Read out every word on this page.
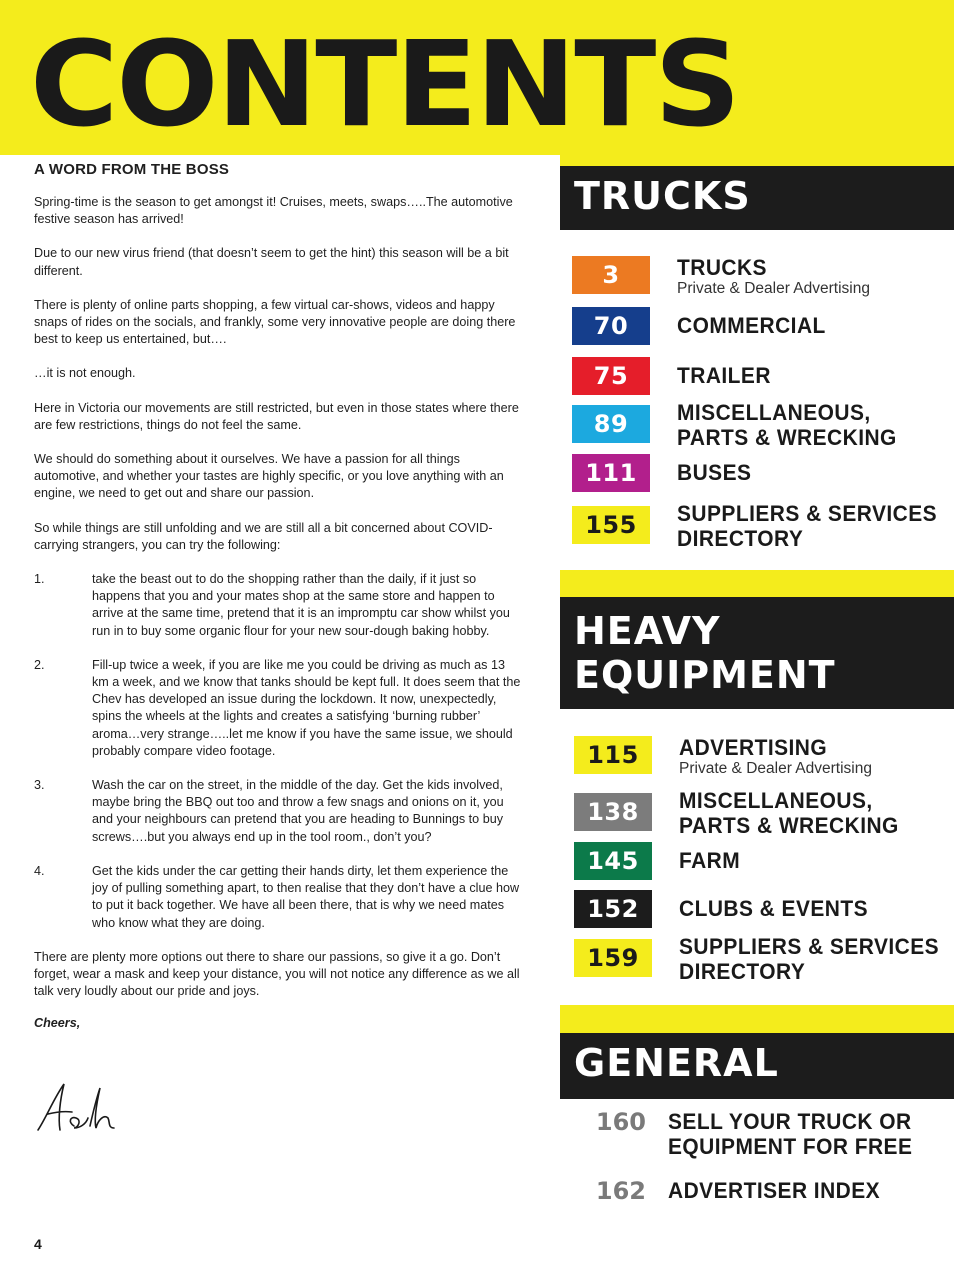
CONTENTS
A WORD FROM THE BOSS

Spring-time is the season to get amongst it! Cruises, meets, swaps…..The automotive festive season has arrived!

Due to our new virus friend (that doesn’t seem to get the hint) this season will be a bit different.

There is plenty of online parts shopping, a few virtual car-shows, videos and happy snaps of rides on the socials, and frankly, some very innovative people are doing there best to keep us entertained, but….

…it is not enough.

Here in Victoria our movements are still restricted, but even in those states where there are few restrictions, things do not feel the same.

We should do something about it ourselves. We have a passion for all things automotive, and whether your tastes are highly specific, or you love anything with an engine, we need to get out and share our passion.

So while things are still unfolding and we are still all a bit concerned about COVID-carrying strangers, you can try the following:

1.	take the beast out to do the shopping rather than the daily, if it just so happens that you and your mates shop at the same store and happen to arrive at the same time, pretend that it is an impromptu car show whilst you run in to buy some organic flour for your new sour-dough baking hobby.
2.	Fill-up twice a week, if you are like me you could be driving as much as 13 km a week, and we know that tanks should be kept full. It does seem that the Chev has developed an issue during the lockdown. It now, unexpectedly, spins the wheels at the lights and creates a satisfying ‘burning rubber’ aroma…very strange…..let me know if you have the same issue, we should probably compare video footage.
3.	Wash the car on the street, in the middle of the day. Get the kids involved, maybe bring the BBQ out too and throw a few snags and onions on it, you and your neighbours can pretend that you are heading to Bunnings to buy screws….but you always end up in the tool room., don’t you?
4.	Get the kids under the car getting their hands dirty, let them experience the joy of pulling something apart, to then realise that they don’t have a clue how to put it back together. We have all been there, that is why we need mates who know what they are doing.

There are plenty more options out there to share our passions, so give it a go. Don’t forget, wear a mask and keep your distance, you will not notice any difference as we all talk very loudly about our pride and joys.

Cheers,
4
TRUCKS
3	TRUCKS
Private & Dealer Advertising
70	COMMERCIAL
75	TRAILER
89	MISCELLANEOUS,
PARTS & WRECKING
111	BUSES
155	SUPPLIERS & SERVICES
DIRECTORY
HEAVY
EQUIPMENT
115	ADVERTISING
Private & Dealer Advertising
138	MISCELLANEOUS,
PARTS & WRECKING
145	FARM
152	CLUBS & EVENTS
159	SUPPLIERS & SERVICES
DIRECTORY
GENERAL
160 SELL YOUR TRUCK OR
EQUIPMENT FOR FREE
162 ADVERTISER INDEX
